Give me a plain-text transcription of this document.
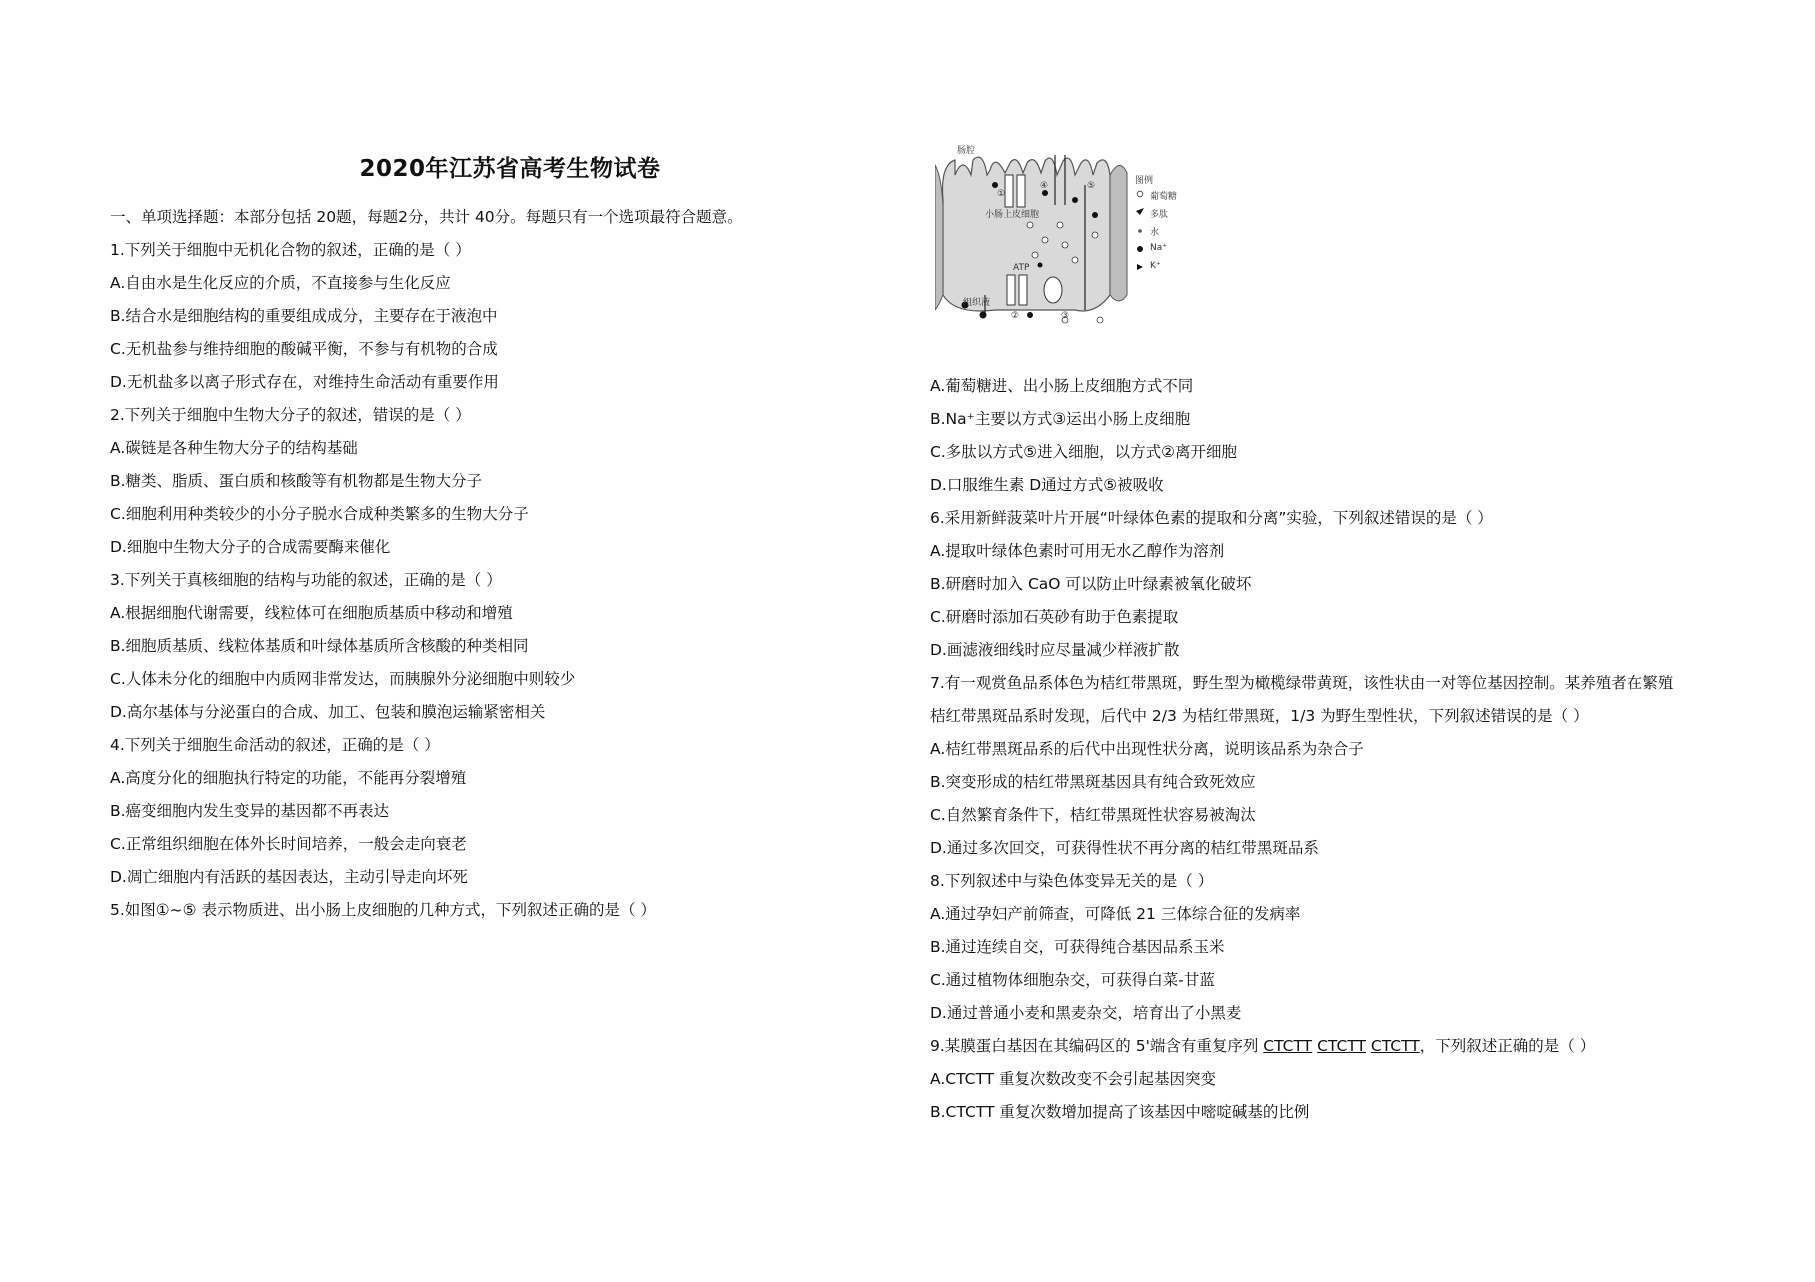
2020年江苏省高考生物试卷
一、单项选择题：本部分包括 20题，每题2分，共计 40分。每题只有一个选项最符合题意。
1.下列关于细胞中无机化合物的叙述，正确的是（ ）
A.自由水是生化反应的介质，不直接参与生化反应
B.结合水是细胞结构的重要组成成分，主要存在于液泡中
C.无机盐参与维持细胞的酸碱平衡，不参与有机物的合成
D.无机盐多以离子形式存在，对维持生命活动有重要作用
2.下列关于细胞中生物大分子的叙述，错误的是（ ）
A.碳链是各种生物大分子的结构基础
B.糖类、脂质、蛋白质和核酸等有机物都是生物大分子
C.细胞利用种类较少的小分子脱水合成种类繁多的生物大分子
D.细胞中生物大分子的合成需要酶来催化
3.下列关于真核细胞的结构与功能的叙述，正确的是（ ）
A.根据细胞代谢需要，线粒体可在细胞质基质中移动和增殖
B.细胞质基质、线粒体基质和叶绿体基质所含核酸的种类相同
C.人体未分化的细胞中内质网非常发达，而胰腺外分泌细胞中则较少
D.高尔基体与分泌蛋白的合成、加工、包装和膜泡运输紧密相关
4.下列关于细胞生命活动的叙述，正确的是（ ）
A.高度分化的细胞执行特定的功能，不能再分裂增殖
B.癌变细胞内发生变异的基因都不再表达
C.正常组织细胞在体外长时间培养，一般会走向衰老
D.凋亡细胞内有活跃的基因表达，主动引导走向坏死
5.如图①~⑤ 表示物质进、出小肠上皮细胞的几种方式，下列叙述正确的是（ ）
肠腔
小肠上皮细胞
组织液
ATP
①
②	③
④	⑤	图例
葡萄糖
多肽
水
Na⁺
K⁺
A.葡萄糖进、出小肠上皮细胞方式不同
B.Na⁺主要以方式③运出小肠上皮细胞
C.多肽以方式⑤进入细胞，以方式②离开细胞
D.口服维生素 D通过方式⑤被吸收
6.采用新鲜菠菜叶片开展“叶绿体色素的提取和分离”实验，下列叙述错误的是（ ）
A.提取叶绿体色素时可用无水乙醇作为溶剂
B.研磨时加入 CaO 可以防止叶绿素被氧化破坏
C.研磨时添加石英砂有助于色素提取
D.画滤液细线时应尽量减少样液扩散
7.有一观赏鱼品系体色为桔红带黑斑，野生型为橄榄绿带黄斑，该性状由一对等位基因控制。某养殖者在繁殖
桔红带黑斑品系时发现，后代中 2/3 为桔红带黑斑，1/3 为野生型性状，下列叙述错误的是（ ）
A.桔红带黑斑品系的后代中出现性状分离，说明该品系为杂合子
B.突变形成的桔红带黑斑基因具有纯合致死效应
C.自然繁育条件下，桔红带黑斑性状容易被淘汰
D.通过多次回交，可获得性状不再分离的桔红带黑斑品系
8.下列叙述中与染色体变异无关的是（ ）
A.通过孕妇产前筛查，可降低 21 三体综合征的发病率
B.通过连续自交，可获得纯合基因品系玉米
C.通过植物体细胞杂交，可获得白菜-甘蓝
D.通过普通小麦和黑麦杂交，培育出了小黑麦
9.某膜蛋白基因在其编码区的 5'端含有重复序列 CTCTT CTCTT CTCTT，下列叙述正确的是（ ）
A.CTCTT 重复次数改变不会引起基因突变
B.CTCTT 重复次数增加提高了该基因中嘧啶碱基的比例
